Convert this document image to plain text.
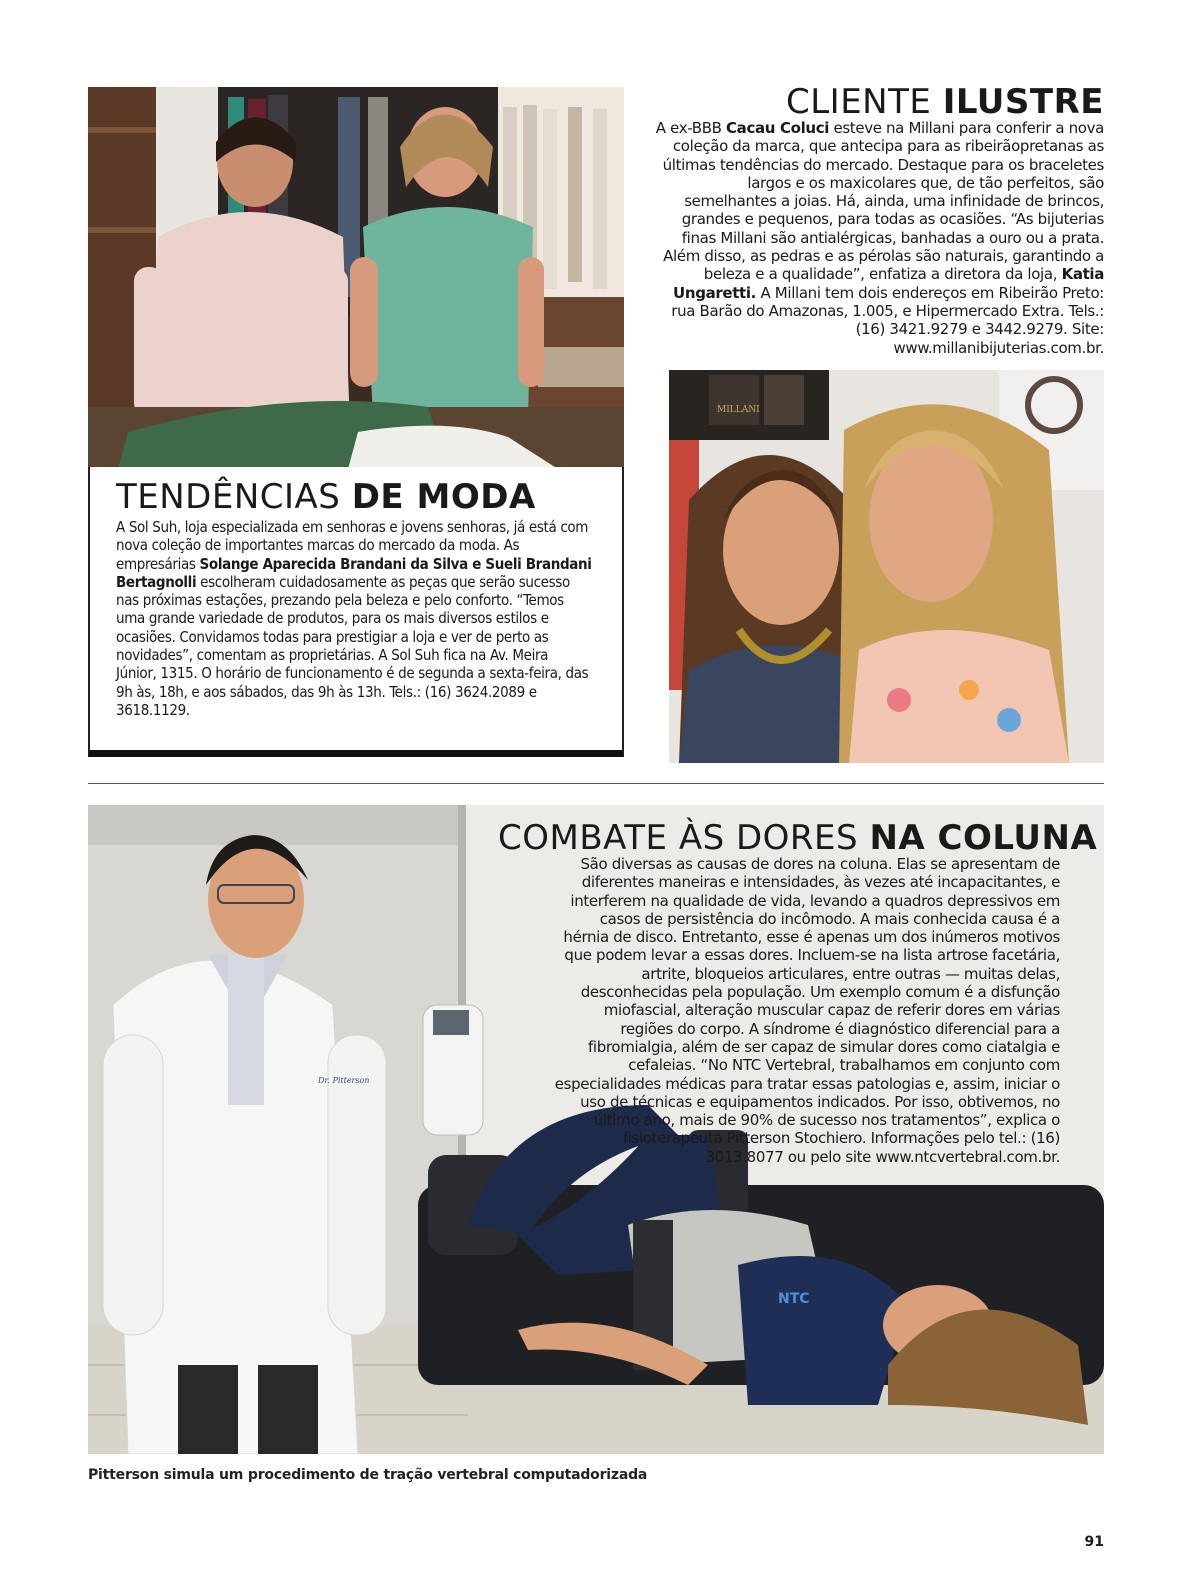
TENDÊNCIAS DE MODA
A Sol Suh, loja especializada em senhoras e jovens senhoras, já está com nova coleção de importantes marcas do mercado da moda. As empresárias Solange Aparecida Brandani da Silva e Sueli Brandani Bertagnolli escolheram cuidadosamente as peças que serão sucesso nas próximas estações, prezando pela beleza e pelo conforto. “Temos uma grande variedade de produtos, para os mais diversos estilos e ocasiões. Convidamos todas para prestigiar a loja e ver de perto as novidades”, comentam as proprietárias. A Sol Suh fica na Av. Meira Júnior, 1315. O horário de funcionamento é de segunda a sexta-feira, das 9h às, 18h, e aos sábados, das 9h às 13h. Tels.: (16) 3624.2089 e 3618.1129.
CLIENTE ILUSTRE
A ex-BBB Cacau Coluci esteve na Millani para conferir a nova coleção da marca, que antecipa para as ribeirãopretanas as últimas tendências do mercado. Destaque para os braceletes largos e os maxicolares que, de tão perfeitos, são semelhantes a joias. Há, ainda, uma infinidade de brincos, grandes e pequenos, para todas as ocasiões. “As bijuterias finas Millani são antialérgicas, banhadas a ouro ou a prata. Além disso, as pedras e as pérolas são naturais, garantindo a beleza e a qualidade”, enfatiza a diretora da loja, Katia Ungaretti. A Millani tem dois endereços em Ribeirão Preto: rua Barão do Amazonas, 1.005, e Hipermercado Extra. Tels.: (16) 3421.9279 e 3442.9279. Site: www.millanibijuterias.com.br.
MILLANI
NTC
Dr. Pitterson
COMBATE ÀS DORES NA COLUNA
São diversas as causas de dores na coluna. Elas se apresentam de diferentes maneiras e intensidades, às vezes até incapacitantes, e interferem na qualidade de vida, levando a quadros depressivos em casos de persistência do incômodo. A mais conhecida causa é a hérnia de disco. Entretanto, esse é apenas um dos inúmeros motivos que podem levar a essas dores. Incluem-se na lista artrose facetária, artrite, bloqueios articulares, entre outras — muitas delas, desconhecidas pela população. Um exemplo comum é a disfunção miofascial, alteração muscular capaz de referir dores em várias regiões do corpo. A síndrome é diagnóstico diferencial para a fibromialgia, além de ser capaz de simular dores como ciatalgia e cefaleias. “No NTC Vertebral, trabalhamos em conjunto com especialidades médicas para tratar essas patologias e, assim, iniciar o uso de técnicas e equipamentos indicados. Por isso, obtivemos, no último ano, mais de 90% de sucesso nos tratamentos”, explica o fisioterapeuta Pitterson Stochiero. Informações pelo tel.: (16) 3013.8077 ou pelo site www.ntcvertebral.com.br.
Pitterson simula um procedimento de tração vertebral computadorizada
91
